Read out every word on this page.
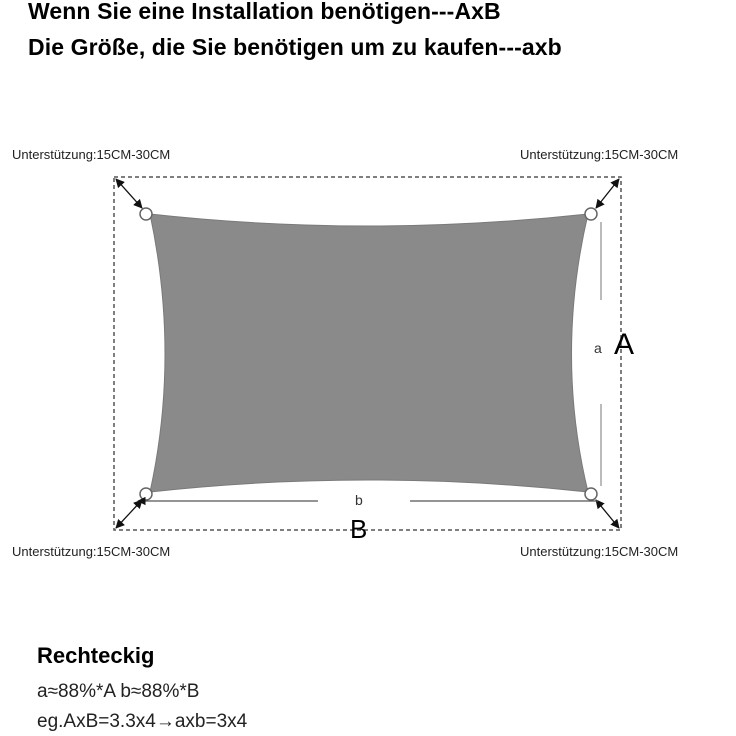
Wenn Sie eine Installation benötigen---AxB
Die Größe, die Sie benötigen um zu kaufen---axb
Unterstützung:15CM-30CM	Unterstützung:15CM-30CM
Unterstützung:15CM-30CM	Unterstützung:15CM-30CM
a A
b
B
Rechteckig
a≈88%*A b≈88%*B
eg.AxB=3.3x4→axb=3x4
